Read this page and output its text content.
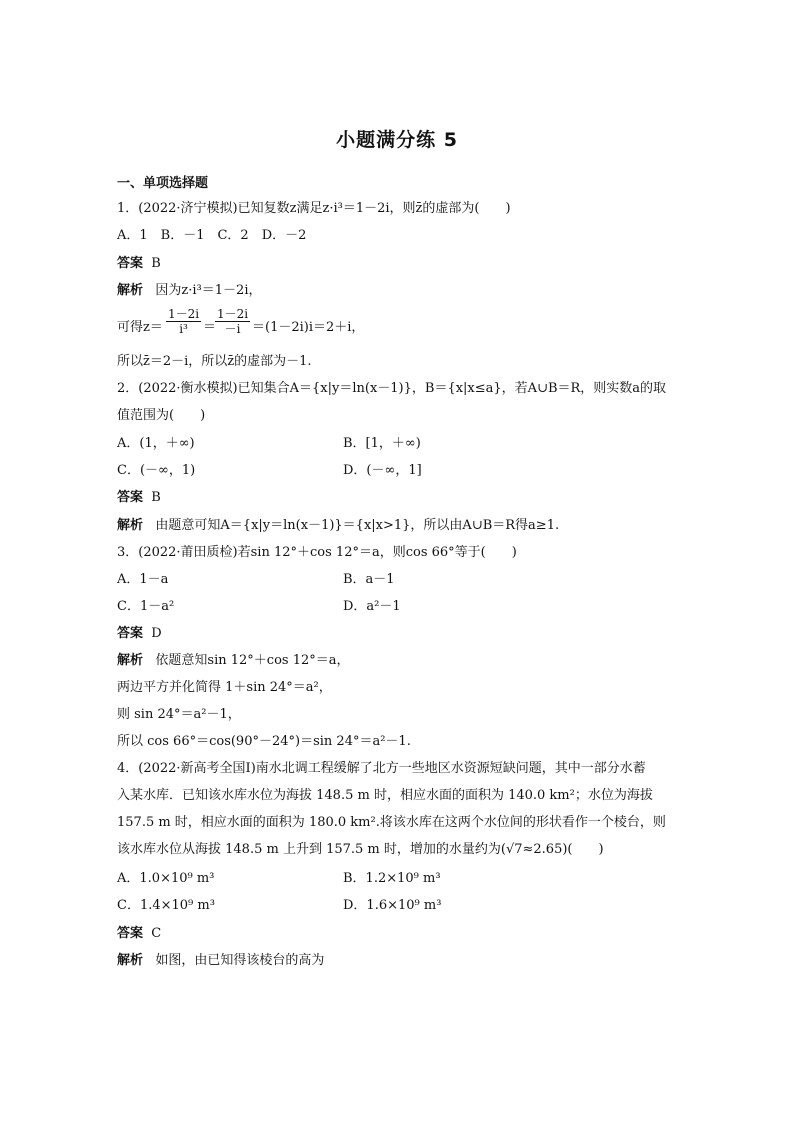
小题满分练 5
一、单项选择题
1．(2022·济宁模拟)已知复数z满足z·i³＝1－2i，则z̄的虚部为(　　)
A．1　B．－1　C．2　D．－2
答案 B
解析 因为z·i³＝1－2i，
可得$z= \frac{1-2i}{\text{i³}}$ ＝
$\frac{1-2i}{-i} =(1-2i)i=2+i$，
所以z̄＝2－i，所以z̄的虚部为－1.
2．(2022·衡水模拟)已知集合A＝{x|y＝ln(x－1)}，B＝{x|x≤a}，若A∪B＝R，则实数a的取
值范围为(　　)
A．(1，＋∞)	B．[1，＋∞)
C．(－∞，1)	D．(－∞，1]
答案 B
解析 由题意可知A＝{x|y＝ln(x－1)}＝{x|x>1}，所以由A∪B＝R得a≥1.
3．(2022·莆田质检)若sin 12°＋cos 12°＝a，则cos 66°等于(　　)
A．1－a	B．a－1
C．1－a²	D．a²－1
答案 D
解析 依题意知sin 12°＋cos 12°＝a，
两边平方并化简得 1＋sin 24°＝a²，
则 sin 24°＝a²－1，
所以 cos 66°＝cos(90°－24°)＝sin 24°＝a²－1.
4．(2022·新高考全国Ⅰ)南水北调工程缓解了北方一些地区水资源短缺问题，其中一部分水蓄
入某水库．已知该水库水位为海拔 148.5 m 时，相应水面的面积为 140.0 km²；水位为海拔
157.5 m 时，相应水面的面积为 180.0 km².将该水库在这两个水位间的形状看作一个棱台，则
该水库水位从海拔 148.5 m 上升到 157.5 m 时，增加的水量约为(√7≈2.65)(　　)
A．1.0×10⁹ m³	B．1.2×10⁹ m³
C．1.4×10⁹ m³	D．1.6×10⁹ m³
答案 C
解析 如图，由已知得该棱台的高为
